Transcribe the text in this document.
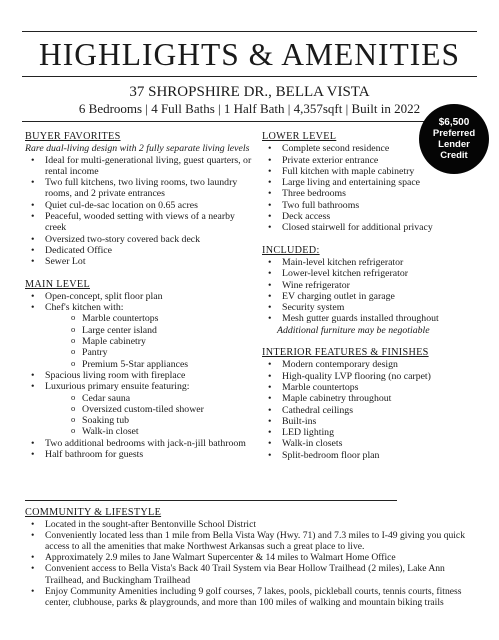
HIGHLIGHTS & AMENITIES
37 SHROPSHIRE DR., BELLA VISTA
6 Bedrooms | 4 Full Baths | 1 Half Bath | 4,357sqft | Built in 2022
$6,500
Preferred
Lender
Credit
BUYER FAVORITES
Rare dual-living design with 2 fully separate living levels
• Ideal for multi-generational living, guest quarters, or rental income
• Two full kitchens, two living rooms, two laundry rooms, and 2 private entrances
• Quiet cul-de-sac location on 0.65 acres
• Peaceful, wooded setting with views of a nearby creek
• Oversized two-story covered back deck
• Dedicated Office
• Sewer Lot
MAIN LEVEL
• Open-concept, split floor plan
• Chef's kitchen with:
o Marble countertops
o Large center island
o Maple cabinetry
o Pantry
o Premium 5-Star appliances
• Spacious living room with fireplace
• Luxurious primary ensuite featuring:
o Cedar sauna
o Oversized custom-tiled shower
o Soaking tub
o Walk-in closet
• Two additional bedrooms with jack-n-jill bathroom
• Half bathroom for guests
LOWER LEVEL
• Complete second residence
• Private exterior entrance
• Full kitchen with maple cabinetry
• Large living and entertaining space
• Three bedrooms
• Two full bathrooms
• Deck access
• Closed stairwell for additional privacy
INCLUDED:
• Main-level kitchen refrigerator
• Lower-level kitchen refrigerator
• Wine refrigerator
• EV charging outlet in garage
• Security system
• Mesh gutter guards installed throughout
Additional furniture may be negotiable
INTERIOR FEATURES & FINISHES
• Modern contemporary design
• High-quality LVP flooring (no carpet)
• Marble countertops
• Maple cabinetry throughout
• Cathedral ceilings
• Built-ins
• LED lighting
• Walk-in closets
• Split-bedroom floor plan
COMMUNITY & LIFESTYLE
• Located in the sought-after Bentonville School District
• Conveniently located less than 1 mile from Bella Vista Way (Hwy. 71) and 7.3 miles to I-49 giving you quick access to all the amenities that make Northwest Arkansas such a great place to live.
• Approximately 2.9 miles to Jane Walmart Supercenter & 14 miles to Walmart Home Office
• Convenient access to Bella Vista's Back 40 Trail System via Bear Hollow Trailhead (2 miles), Lake Ann Trailhead, and Buckingham Trailhead
• Enjoy Community Amenities including 9 golf courses, 7 lakes, pools, pickleball courts, tennis courts, fitness center, clubhouse, parks & playgrounds, and more than 100 miles of walking and mountain biking trails
